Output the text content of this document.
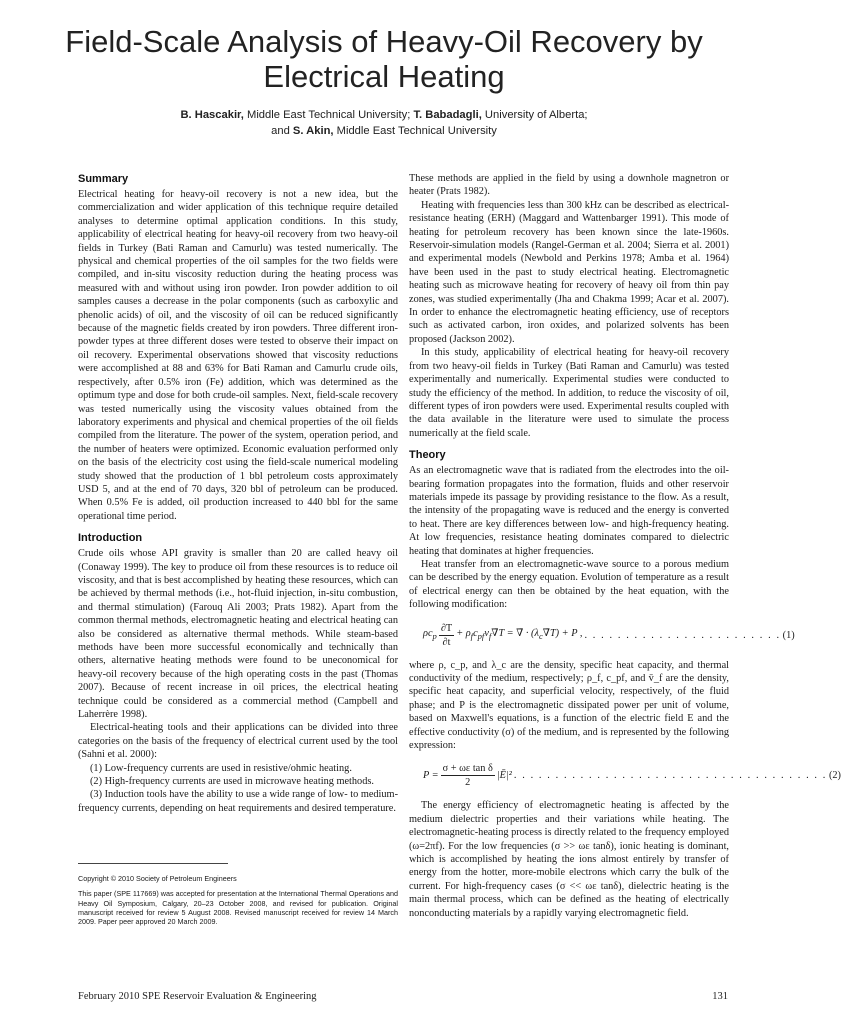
Field-Scale Analysis of Heavy-Oil Recovery by Electrical Heating
B. Hascakir, Middle East Technical University; T. Babadagli, University of Alberta;
and S. Akin, Middle East Technical University
Summary

Electrical heating for heavy-oil recovery is not a new idea, but the commercialization and wider application of this technique require detailed analyses to determine optimal application conditions. In this study, applicability of electrical heating for heavy-oil recovery from two heavy-oil fields in Turkey (Bati Raman and Camurlu) was tested numerically. The physical and chemical properties of the oil samples for the two fields were compiled, and in-situ viscosity reduction during the heating process was measured with and without using iron powder. Iron powder addition to oil samples causes a decrease in the polar components (such as carboxylic and phenolic acids) of oil, and the viscosity of oil can be reduced significantly because of the magnetic fields created by iron powders. Three different iron-powder types at three different doses were tested to observe their impact on oil recovery. Experimental observations showed that viscosity reductions were accomplished at 88 and 63% for Bati Raman and Camurlu crude oils, respectively, after 0.5% iron (Fe) addition, which was determined as the optimum type and dose for both crude-oil samples. Next, field-scale recovery was tested numerically using the viscosity values obtained from the laboratory experiments and physical and chemical properties of the oil fields compiled from the literature. The power of the system, operation period, and the number of heaters were optimized. Economic evaluation performed only on the basis of the electricity cost using the field-scale numerical modeling study showed that the production of 1 bbl petroleum costs approximately USD 5, and at the end of 70 days, 320 bbl of petroleum can be produced. When 0.5% Fe is added, oil production increased to 440 bbl for the same operational time period.

Introduction

Crude oils whose API gravity is smaller than 20 are called heavy oil (Conaway 1999). The key to produce oil from these resources is to reduce oil viscosity, and that is best accomplished by heating these resources, which can be achieved by thermal methods (i.e., hot-fluid injection, in-situ combustion, and thermal stimulation) (Farouq Ali 2003; Prats 1982). Apart from the common thermal methods, electromagnetic heating and electrical heating can also be considered as alternative thermal methods. While steam-based methods have been more successful economically and technically than others, alternative heating methods were found to be uneconomical for heavy-oil recovery because of the high operating costs in the past (Thomas 2007). Because of recent increase in oil prices, the electrical heating technique could be considered as a commercial method (Campbell and Laherrère 1998).

Electrical-heating tools and their applications can be divided into three categories on the basis of the frequency of electrical current used by the tool (Sahni et al. 2000):

(1) Low-frequency currents are used in resistive/ohmic heating.

(2) High-frequency currents are used in microwave heating methods.

(3) Induction tools have the ability to use a wide range of low- to medium-frequency currents, depending on heat requirements and desired temperature.

Copyright © 2010 Society of Petroleum Engineers

This paper (SPE 117669) was accepted for presentation at the International Thermal Operations and Heavy Oil Symposium, Calgary, 20–23 October 2008, and revised for publication. Original manuscript received for review 5 August 2008. Revised manuscript received for review 14 March 2009. Paper peer approved 20 March 2009.

These methods are applied in the field by using a downhole magnetron or heater (Prats 1982).

Heating with frequencies less than 300 kHz can be described as electrical-resistance heating (ERH) (Maggard and Wattenbarger 1991). This mode of heating for petroleum recovery has been known since the late-1960s. Reservoir-simulation models (Rangel-German et al. 2004; Sierra et al. 2001) and experimental models (Newbold and Perkins 1978; Amba et al. 1964) have been used in the past to study electrical heating. Electromagnetic heating such as microwave heating for recovery of heavy oil from thin pay zones, was studied experimentally (Jha and Chakma 1999; Acar et al. 2007). In order to enhance the electromagnetic heating efficiency, use of receptors such as activated carbon, iron oxides, and polarized solvents has been proposed (Jackson 2002).

In this study, applicability of electrical heating for heavy-oil recovery from two heavy-oil fields in Turkey (Bati Raman and Camurlu) was tested experimentally and numerically. Experimental studies were conducted to study the efficiency of the method. In addition, to reduce the viscosity of oil, different types of iron powders were used. Experimental results coupled with the data available in the literature were used to simulate the process numerically at the field scale.

Theory

As an electromagnetic wave that is radiated from the electrodes into the oil-bearing formation propagates into the formation, fluids and other reservoir materials impede its passage by providing resistance to the flow. As a result, the intensity of the propagating wave is reduced and the energy is converted to heat. There are key differences between low- and high-frequency heating. At low frequencies, resistance heating dominates compared to dielectric heating that dominates at higher frequencies.

Heat transfer from an electromagnetic-wave source to a porous medium can be described by the energy equation. Evolution of temperature as a result of electrical energy can then be obtained by the heat equation, with the following modification:

$\rho c_p \frac{\partial T}{\partial t}$ + $\rho_fc_{pf}v_f\nablāT$ = ∇̄ · $(\lambda_c\nablāT) + P$ , . . . . . . . . . . . . . . . . . . . . . . . . (1)

where ρ, c_p, and λ_c are the density, specific heat capacity, and thermal conductivity of the medium, respectively; ρ_f, c_pf, and v̄_f are the density, specific heat capacity, and superficial velocity, respectively, of the fluid phase; and P is the electromagnetic dissipated power per unit of volume, based on Maxwell's equations, is a function of the electric field E and the effective conductivity (σ) of the medium, and is represented by the following expression:

$P = \frac{\text{σ + ωε tan δ}}{2}$ |Ē|² . . . . . . . . . . . . . . . . . . . . . . . . . . . . . . . . . . . . . . (2)

The energy efficiency of electromagnetic heating is affected by the medium dielectric properties and their variations while heating. The electromagnetic-heating process is directly related to the frequency employed (ω=2πf). For the low frequencies (σ >> ωε tanδ), ionic heating is dominant, which is accomplished by heating the ions almost entirely by transfer of energy from the hotter, more-mobile electrons which carry the bulk of the current. For high-frequency cases (σ << ωε tanδ), dielectric heating is the main thermal process, which can be defined as the heating of electrically nonconducting materials by a rapidly varying electromagnetic field.

February 2010 SPE Reservoir Evaluation & Engineering	131
